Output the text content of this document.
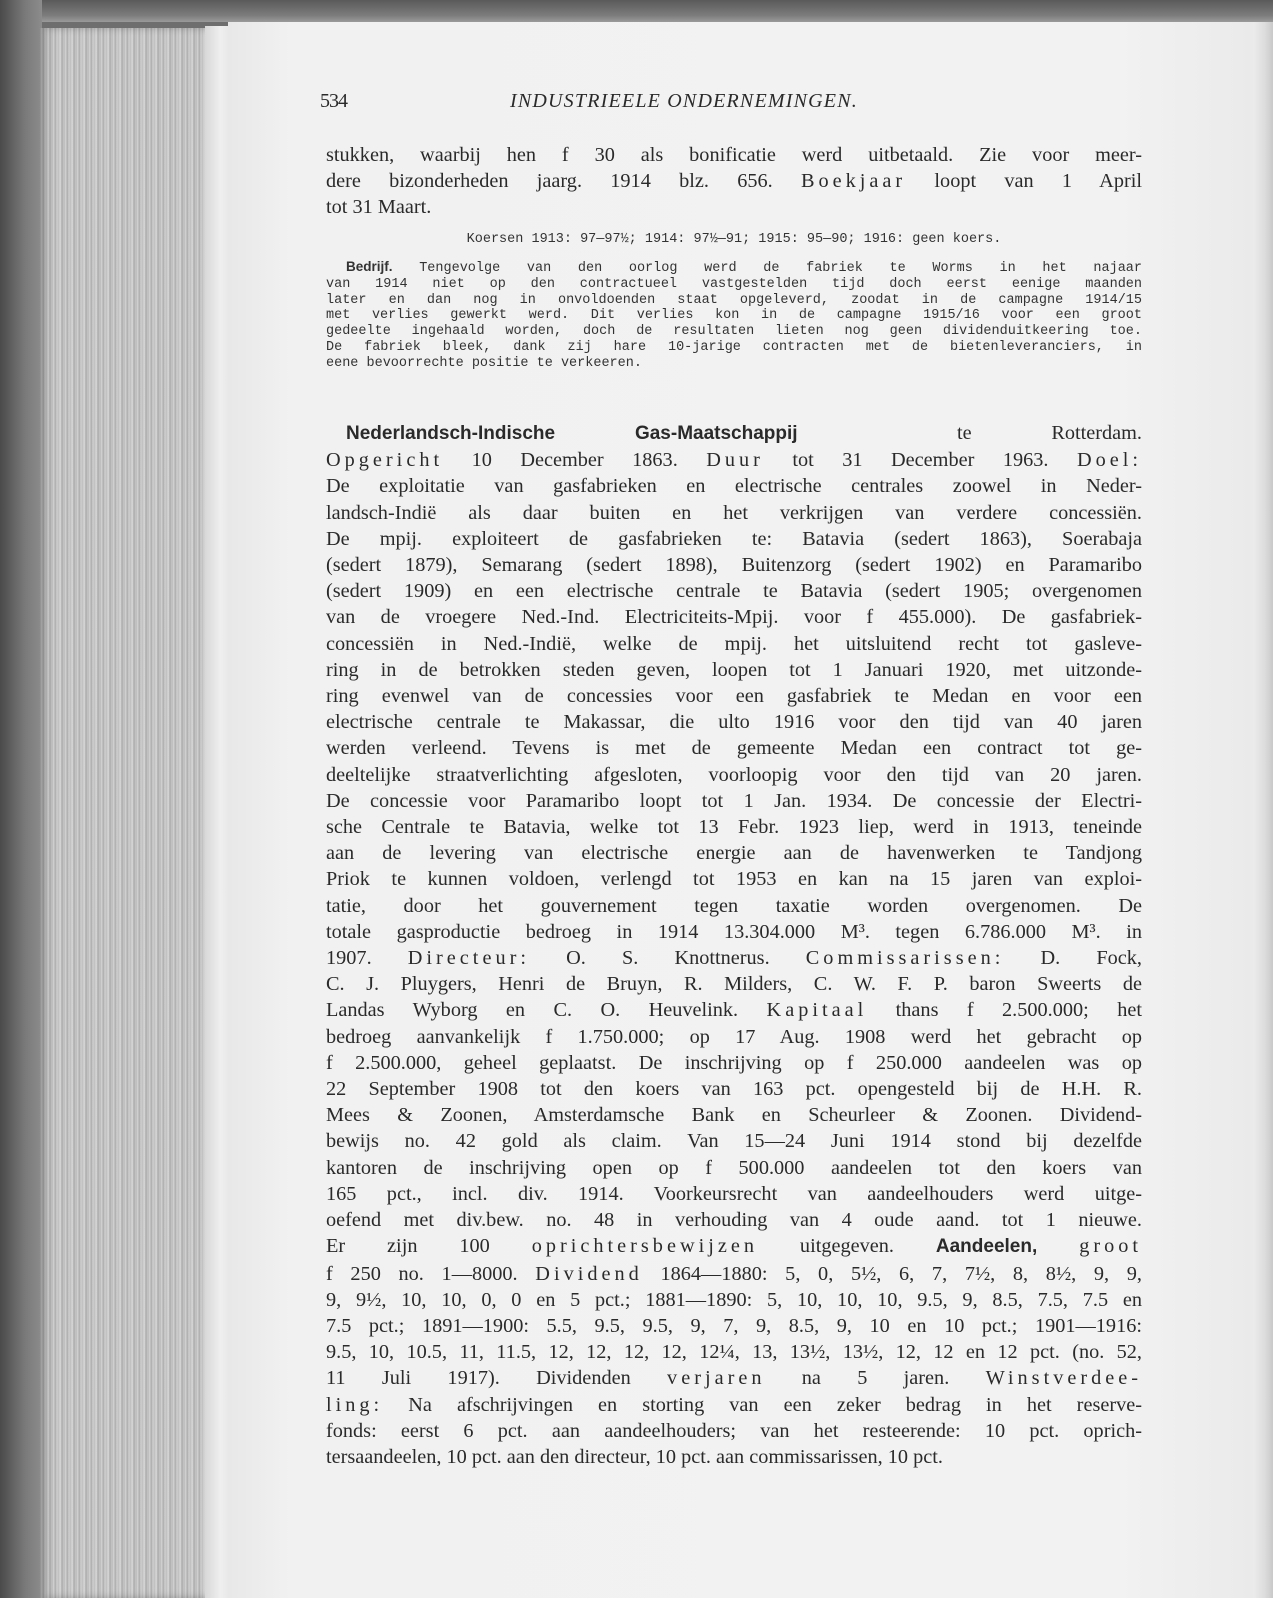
534	INDUSTRIEELE ONDERNEMINGEN.
stukken, waarbij hen f 30 als bonificatie werd uitbetaald. Zie voor meer-
dere bizonderheden jaarg. 1914 blz. 656. Boekjaar loopt van 1 April
tot 31 Maart.
Koersen 1913: 97—97½; 1914: 97½—91; 1915: 95—90; 1916: geen koers.
Bedrijf. Tengevolge van den oorlog werd de fabriek te Worms in het najaar
van 1914 niet op den contractueel vastgestelden tijd doch eerst eenige maanden
later en dan nog in onvoldoenden staat opgeleverd, zoodat in de campagne 1914/15
met verlies gewerkt werd. Dit verlies kon in de campagne 1915/16 voor een groot
gedeelte ingehaald worden, doch de resultaten lieten nog geen dividenduitkeering toe.
De fabriek bleek, dank zij hare 10-jarige contracten met de bietenleveranciers, in
eene bevoorrechte positie te verkeeren.
Nederlandsch-Indische Gas-Maatschappij	te Rotterdam.
Opgericht 10 December 1863. Duur tot 31 December 1963. Doel:
De exploitatie van gasfabrieken en electrische centrales zoowel in Neder-
landsch-Indië als daar buiten en het verkrijgen van verdere concessiën.
De mpij. exploiteert de gasfabrieken te: Batavia (sedert 1863), Soerabaja
(sedert 1879), Semarang (sedert 1898), Buitenzorg (sedert 1902) en Paramaribo
(sedert 1909) en een electrische centrale te Batavia (sedert 1905; overgenomen
van de vroegere Ned.-Ind. Electriciteits-Mpij. voor f 455.000). De gasfabriek-
concessiën in Ned.-Indië, welke de mpij. het uitsluitend recht tot gasleve-
ring in de betrokken steden geven, loopen tot 1 Januari 1920, met uitzonde-
ring evenwel van de concessies voor een gasfabriek te Medan en voor een
electrische centrale te Makassar, die ulto 1916 voor den tijd van 40 jaren
werden verleend. Tevens is met de gemeente Medan een contract tot ge-
deeltelijke straatverlichting afgesloten, voorloopig voor den tijd van 20 jaren.
De concessie voor Paramaribo loopt tot 1 Jan. 1934. De concessie der Electri-
sche Centrale te Batavia, welke tot 13 Febr. 1923 liep, werd in 1913, teneinde
aan de levering van electrische energie aan de havenwerken te Tandjong
Priok te kunnen voldoen, verlengd tot 1953 en kan na 15 jaren van exploi-
tatie, door het gouvernement tegen taxatie worden overgenomen. De
totale gasproductie bedroeg in 1914 13.304.000 M³. tegen 6.786.000 M³. in
1907. Directeur: O. S. Knottnerus. Commissarissen: D. Fock,
C. J. Pluygers, Henri de Bruyn, R. Milders, C. W. F. P. baron Sweerts de
Landas Wyborg en C. O. Heuvelink. Kapitaal thans f 2.500.000; het
bedroeg aanvankelijk f 1.750.000; op 17 Aug. 1908 werd het gebracht op
f 2.500.000, geheel geplaatst. De inschrijving op f 250.000 aandeelen was op
22 September 1908 tot den koers van 163 pct. opengesteld bij de H.H. R.
Mees & Zoonen, Amsterdamsche Bank en Scheurleer & Zoonen. Dividend-
bewijs no. 42 gold als claim. Van 15—24 Juni 1914 stond bij dezelfde
kantoren de inschrijving open op f 500.000 aandeelen tot den koers van
165 pct., incl. div. 1914. Voorkeursrecht van aandeelhouders werd uitge-
oefend met div.bew. no. 48 in verhouding van 4 oude aand. tot 1 nieuwe.
Er zijn 100 oprichtersbewijzen uitgegeven. Aandeelen, groot
f 250 no. 1—8000. Dividend 1864—1880: 5, 0, 5½, 6, 7, 7½, 8, 8½, 9, 9,
9, 9½, 10, 10, 0, 0 en 5 pct.; 1881—1890: 5, 10, 10, 10, 9.5, 9, 8.5, 7.5, 7.5 en
7.5 pct.; 1891—1900: 5.5, 9.5, 9.5, 9, 7, 9, 8.5, 9, 10 en 10 pct.; 1901—1916:
9.5, 10, 10.5, 11, 11.5, 12, 12, 12, 12, 12¼, 13, 13½, 13½, 12, 12 en 12 pct. (no. 52,
11 Juli 1917). Dividenden verjaren na 5 jaren. Winstverdee-
ling: Na afschrijvingen en storting van een zeker bedrag in het reserve-
fonds: eerst 6 pct. aan aandeelhouders; van het resteerende: 10 pct. oprich-
tersaandeelen, 10 pct. aan den directeur, 10 pct. aan commissarissen, 10 pct.
